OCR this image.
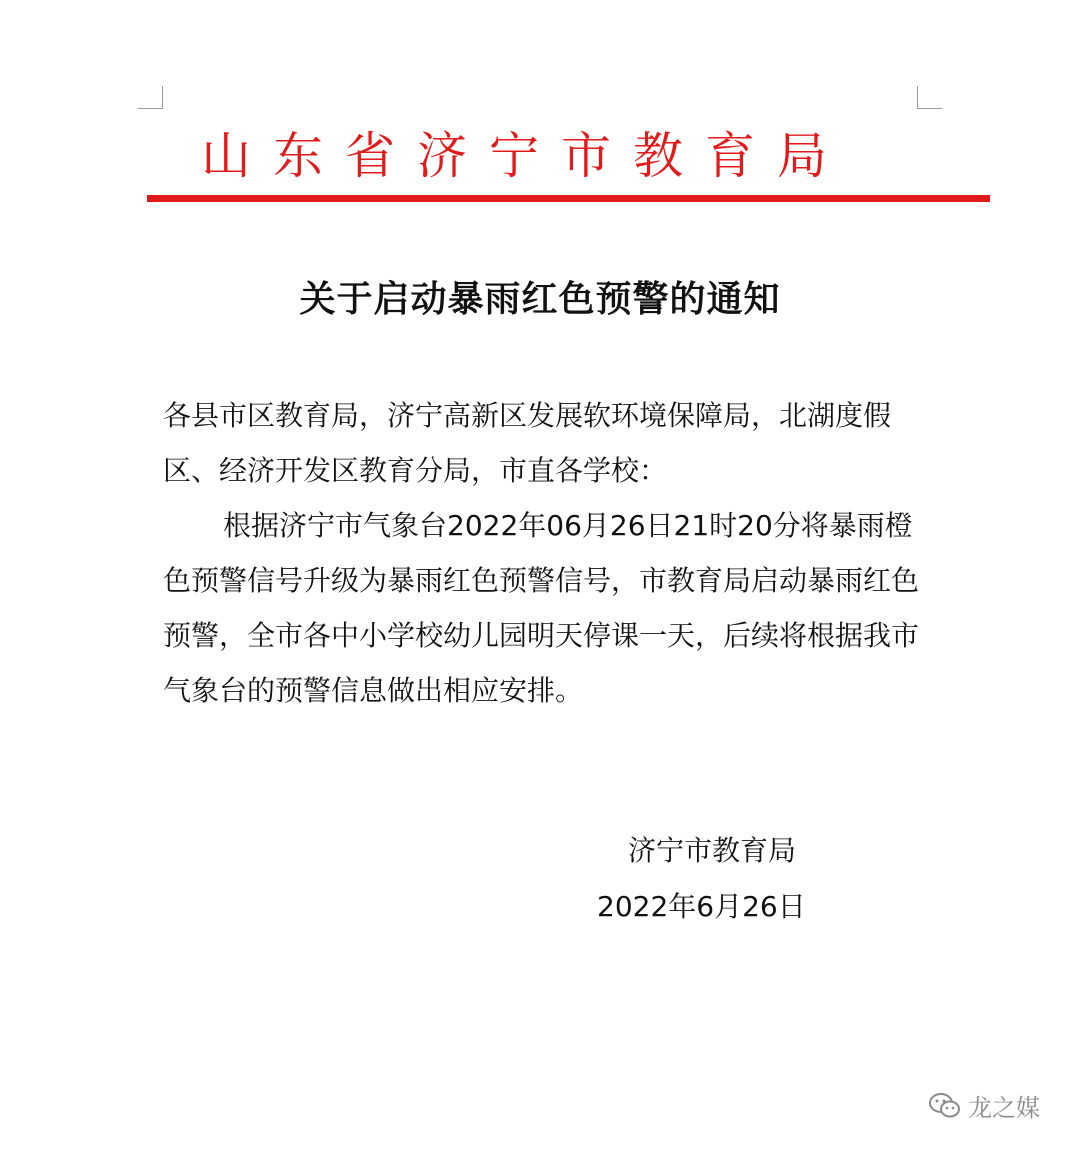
山东省济宁市教育局
关于启动暴雨红色预警的通知

各县市区教育局，济宁高新区发展软环境保障局，北湖度假区、经济开发区教育分局，市直各学校：

根据济宁市气象台2022年06月26日21时20分将暴雨橙色预警信号升级为暴雨红色预警信号，市教育局启动暴雨红色预警，全市各中小学校幼儿园明天停课一天，后续将根据我市气象台的预警信息做出相应安排。

济宁市教育局
2022年6月26日
龙之媒
